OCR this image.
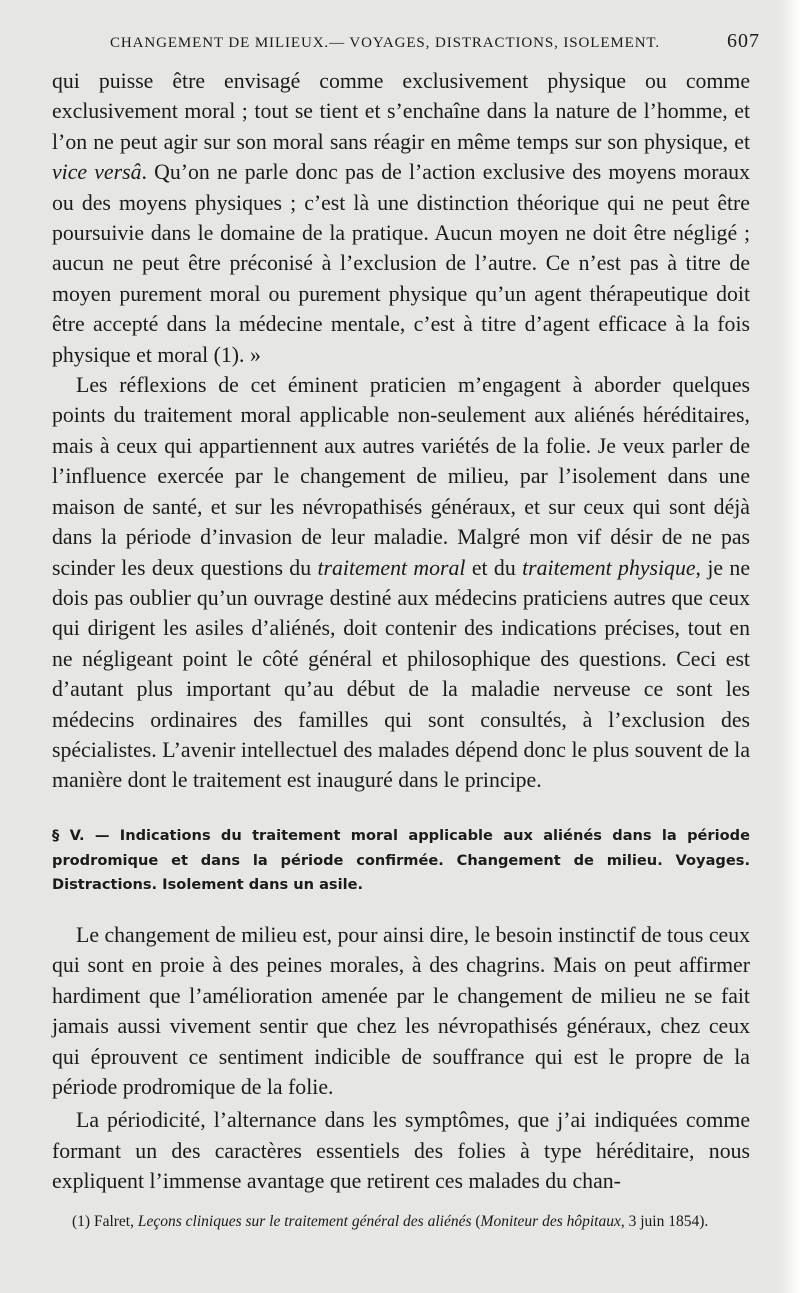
CHANGEMENT DE MILIEUX.— VOYAGES, DISTRACTIONS, ISOLEMENT.	607

qui puisse être envisagé comme exclusivement physique ou comme exclusivement moral ; tout se tient et s’enchaîne dans la nature de l’homme, et l’on ne peut agir sur son moral sans réagir en même temps sur son physique, et vice versâ. Qu’on ne parle donc pas de l’action exclusive des moyens moraux ou des moyens physiques ; c’est là une distinction théorique qui ne peut être poursuivie dans le domaine de la pratique. Aucun moyen ne doit être négligé ; aucun ne peut être préconisé à l’exclusion de l’autre. Ce n’est pas à titre de moyen purement moral ou purement physique qu’un agent thérapeutique doit être accepté dans la médecine mentale, c’est à titre d’agent efficace à la fois physique et moral (1). »

Les réflexions de cet éminent praticien m’engagent à aborder quelques points du traitement moral applicable non-seulement aux aliénés héréditaires, mais à ceux qui appartiennent aux autres variétés de la folie. Je veux parler de l’influence exercée par le changement de milieu, par l’isolement dans une maison de santé, et sur les névropathisés généraux, et sur ceux qui sont déjà dans la période d’invasion de leur maladie. Malgré mon vif désir de ne pas scinder les deux questions du traitement moral et du traitement physique, je ne dois pas oublier qu’un ouvrage destiné aux médecins praticiens autres que ceux qui dirigent les asiles d’aliénés, doit contenir des indications précises, tout en ne négligeant point le côté général et philosophique des questions. Ceci est d’autant plus important qu’au début de la maladie nerveuse ce sont les médecins ordinaires des familles qui sont consultés, à l’exclusion des spécialistes. L’avenir intellectuel des malades dépend donc le plus souvent de la manière dont le traitement est inauguré dans le principe.

§ V. — Indications du traitement moral applicable aux aliénés dans la période prodromique et dans la période confirmée. Changement de milieu. Voyages. Distractions. Isolement dans un asile.

Le changement de milieu est, pour ainsi dire, le besoin instinctif de tous ceux qui sont en proie à des peines morales, à des chagrins. Mais on peut affirmer hardiment que l’amélioration amenée par le changement de milieu ne se fait jamais aussi vivement sentir que chez les névropathisés généraux, chez ceux qui éprouvent ce sentiment indicible de souffrance qui est le propre de la période prodromique de la folie.

La périodicité, l’alternance dans les symptômes, que j’ai indiquées comme formant un des caractères essentiels des folies à type héréditaire, nous expliquent l’immense avantage que retirent ces malades du chan-

(1) Falret, Leçons cliniques sur le traitement général des aliénés (Moniteur des hôpitaux, 3 juin 1854).
